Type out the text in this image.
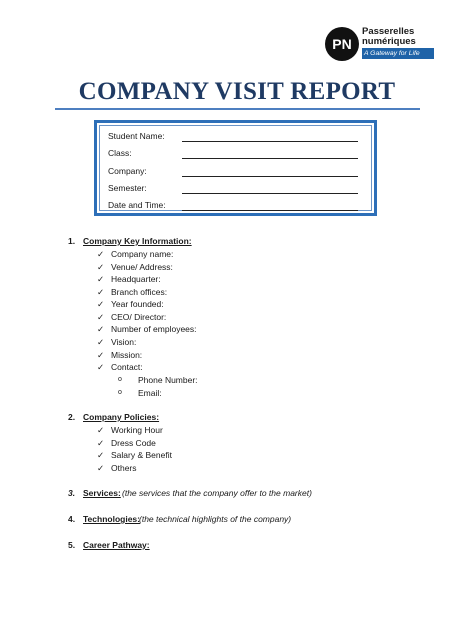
PN
Passerelles
numériques
A Gateway for Life
COMPANY VISIT REPORT
Student Name:
Class:
Company:
Semester:
Date and Time:
1. Company Key Information:
✓ Company name:
✓ Venue/ Address:
✓ Headquarter:
✓ Branch offices:
✓ Year founded:
✓ CEO/ Director:
✓ Number of employees:
✓ Vision:
✓ Mission:
✓ Contact:
o Phone Number:
o Email:
2. Company Policies:
✓ Working Hour
✓ Dress Code
✓ Salary & Benefit
✓ Others
3. Services: (the services that the company offer to the market)
4. Technologies: (the technical highlights of the company)
5. Career Pathway:
